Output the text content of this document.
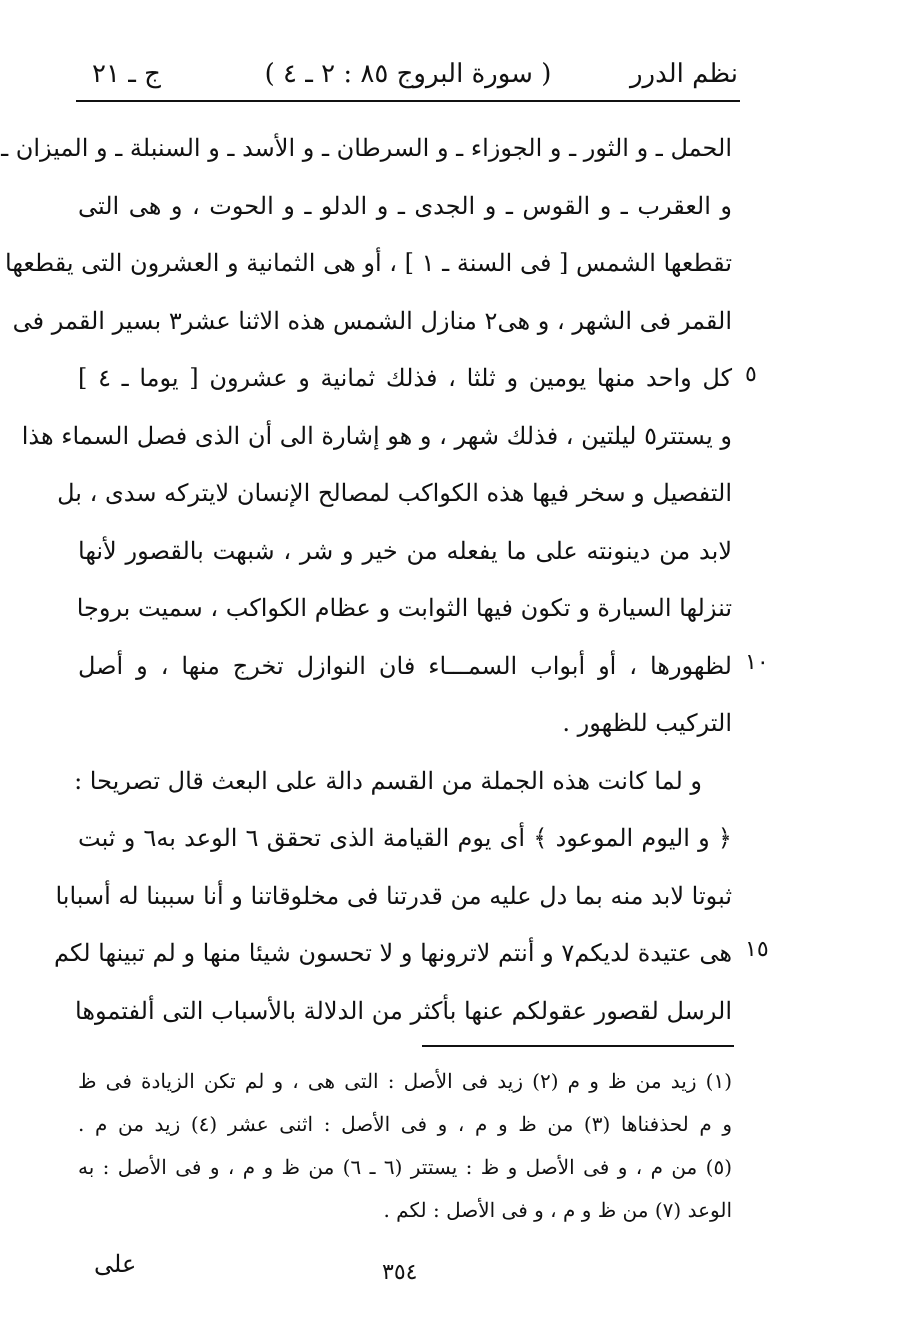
نظم الدرر
( سورة البروج ٨٥ : ٢ ـ ٤ )
ج ـ ٢١
الحمل ـ و الثور ـ و الجوزاء ـ و السرطان ـ و الأسد ـ و السنبلة ـ و الميزان ـ
و العقرب ـ و القوس ـ و الجدى ـ و الدلو ـ و الحوت ، و هى التى
تقطعها الشمس [ فى السنة ـ ١ ] ، أو هى الثمانية و العشرون التى يقطعها
القمر فى الشهر ، و هى٢ منازل الشمس هذه الاثنا عشر٣ بسير القمر فى
كل واحد منها يومين و ثلثا ، فذلك ثمانية و عشرون [ يوما ـ ٤ ]
و يستتر٥ ليلتين ، فذلك شهر ، و هو إشارة الى أن الذى فصل السماء هذا
التفصيل و سخر فيها هذه الكواكب لمصالح الإنسان لايتركه سدى ، بل
لابد من دينونته على ما يفعله من خير و شر ، شبهت بالقصور لأنها
تنزلها السيارة و تكون فيها الثوابت و عظام الكواكب ، سميت بروجا
لظهورها ، أو أبواب السمـــاء فان النوازل تخرج منها ، و أصل
التركيب للظهور .
و لما كانت هذه الجملة من القسم دالة على البعث قال تصريحا :
﴿ و اليوم الموعود ﴾ أى يوم القيامة الذى تحقق ٦ الوعد به٦ و ثبت
ثبوتا لابد منه بما دل عليه من قدرتنا فى مخلوقاتنا و أنا سببنا له أسبابا
هى عتيدة لديكم٧ و أنتم لاترونها و لا تحسون شيئا منها و لم تبينها لكم
الرسل لقصور عقولكم عنها بأكثر من الدلالة بالأسباب التى ألفتموها
٥
١٠
١٥
(١) زيد من ظ و م (٢) زيد فى الأصل : التى هى ، و لم تكن الزيادة فى ظ
و م لحذفناها (٣) من ظ و م ، و فى الأصل : اثنى عشر (٤) زيد من م .
(٥) من م ، و فى الأصل و ظ : يستتر (٦ ـ ٦) من ظ و م ، و فى الأصل : به
الوعد (٧) من ظ و م ، و فى الأصل : لكم .
٣٥٤
على
